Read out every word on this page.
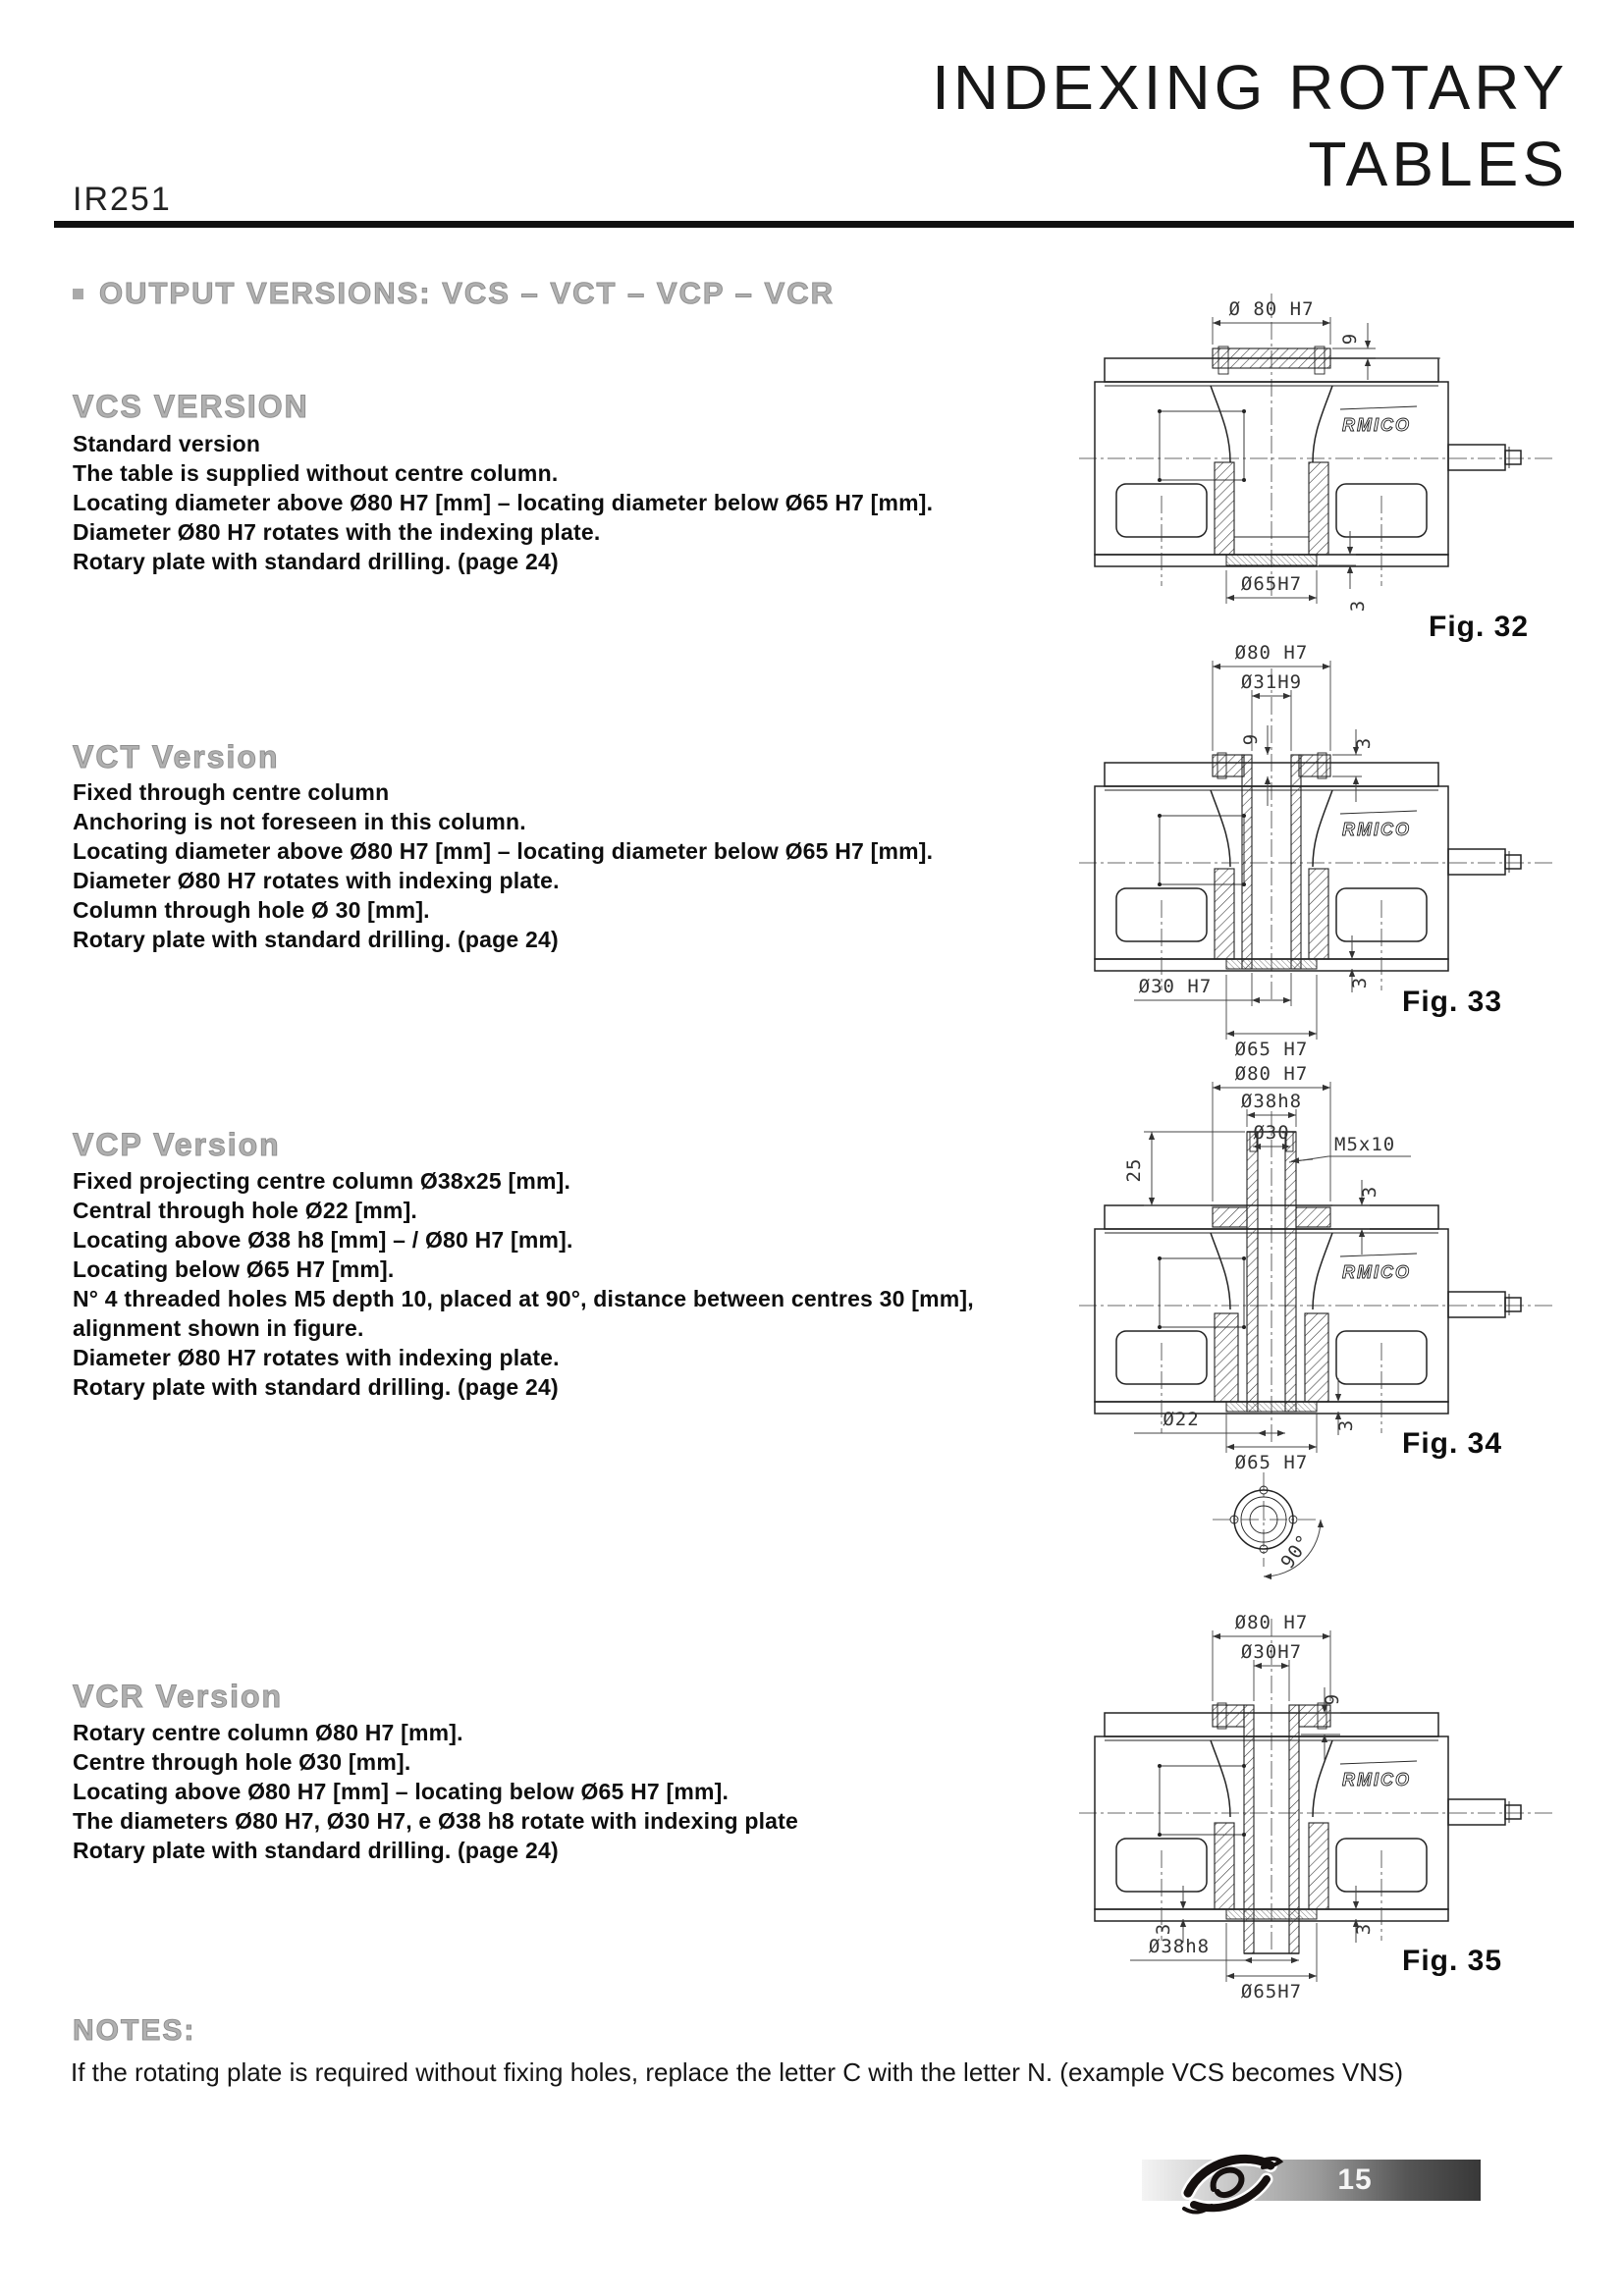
INDEXING ROTARY
TABLES
IR251
OUTPUT VERSIONS: VCS – VCT – VCP – VCR
VCS VERSION
Standard version
The table is supplied without centre column.
Locating diameter above Ø80 H7 [mm] – locating diameter below Ø65 H7 [mm].
Diameter Ø80 H7 rotates with the indexing plate.
Rotary plate with standard drilling. (page 24)
VCT Version
Fixed through centre column
Anchoring is not foreseen in this column.
Locating diameter above Ø80 H7 [mm] – locating diameter below Ø65 H7 [mm].
Diameter Ø80 H7 rotates with indexing plate.
Column through hole Ø 30 [mm].
Rotary plate with standard drilling. (page 24)
VCP Version
Fixed projecting centre column Ø38x25 [mm].
Central through hole Ø22 [mm].
Locating above Ø38 h8 [mm] – / Ø80 H7 [mm].
Locating below Ø65 H7 [mm].
N° 4 threaded holes M5 depth 10, placed at 90°, distance between centres 30 [mm],
alignment shown in figure.
Diameter Ø80 H7 rotates with indexing plate.
Rotary plate with standard drilling. (page 24)
VCR Version
Rotary centre column Ø80 H7 [mm].
Centre through hole Ø30 [mm].
Locating above Ø80 H7 [mm] – locating below Ø65 H7 [mm].
The diameters Ø80 H7, Ø30 H7, e Ø38 h8 rotate with indexing plate
Rotary plate with standard drilling. (page 24)
RMICO
Ø 80 H7
9
Ø65H7
3
Fig. 32
RMICO
Ø80 H7
Ø31H9
9	3
Ø30 H7
Ø65 H7
3
Fig. 33
RMICO
Ø80 H7
Ø38h8
Ø30
M5x10
25
3
Ø22
Ø65 H7
3
90°
Fig. 34
RMICO
Ø80 H7
Ø30H7
9
3	3
Ø38h8
Ø65H7
Fig. 35
NOTES:
If the rotating plate is required without fixing holes, replace the letter C with the letter N. (example VCS becomes VNS)
15
